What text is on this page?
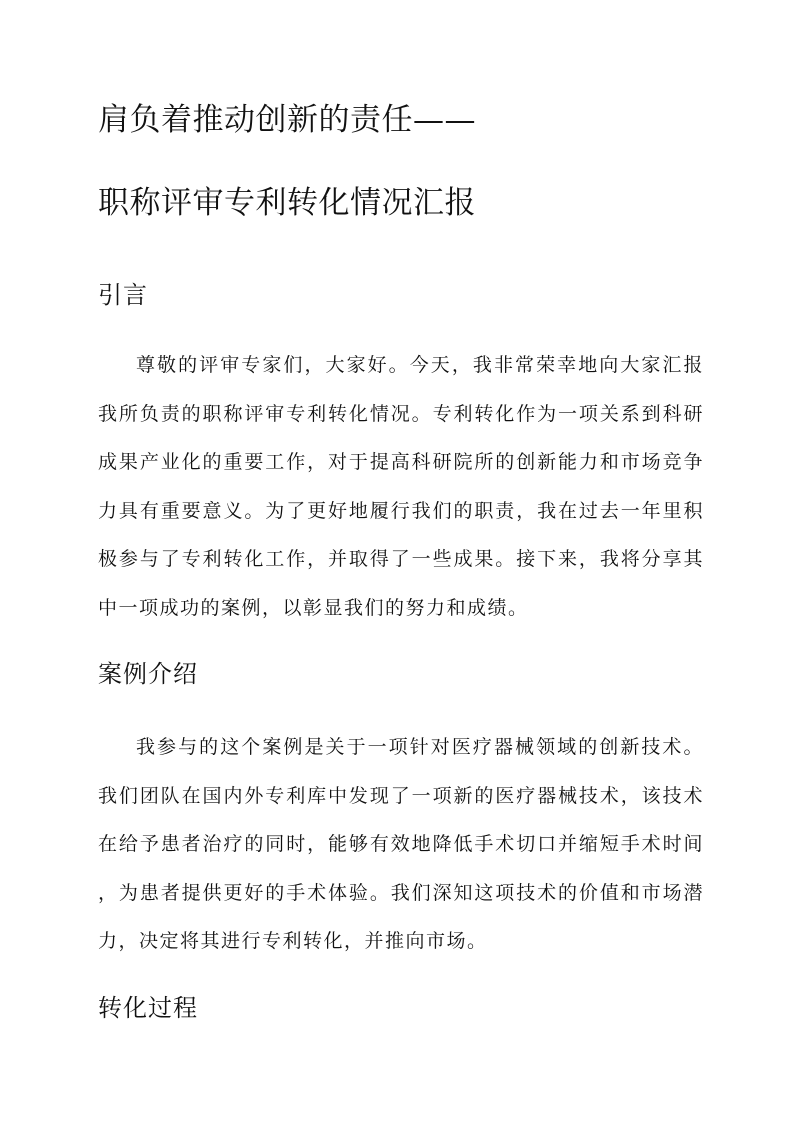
肩负着推动创新的责任——
职称评审专利转化情况汇报
引言

尊敬的评审专家们，大家好。今天，我非常荣幸地向大家汇报我所负责的职称评审专利转化情况。专利转化作为一项关系到科研成果产业化的重要工作，对于提高科研院所的创新能力和市场竞争力具有重要意义。为了更好地履行我们的职责，我在过去一年里积极参与了专利转化工作，并取得了一些成果。接下来，我将分享其中一项成功的案例，以彰显我们的努力和成绩。

案例介绍

我参与的这个案例是关于一项针对医疗器械领域的创新技术。我们团队在国内外专利库中发现了一项新的医疗器械技术，该技术在给予患者治疗的同时，能够有效地降低手术切口并缩短手术时间，为患者提供更好的手术体验。我们深知这项技术的价值和市场潜力，决定将其进行专利转化，并推向市场。

转化过程
